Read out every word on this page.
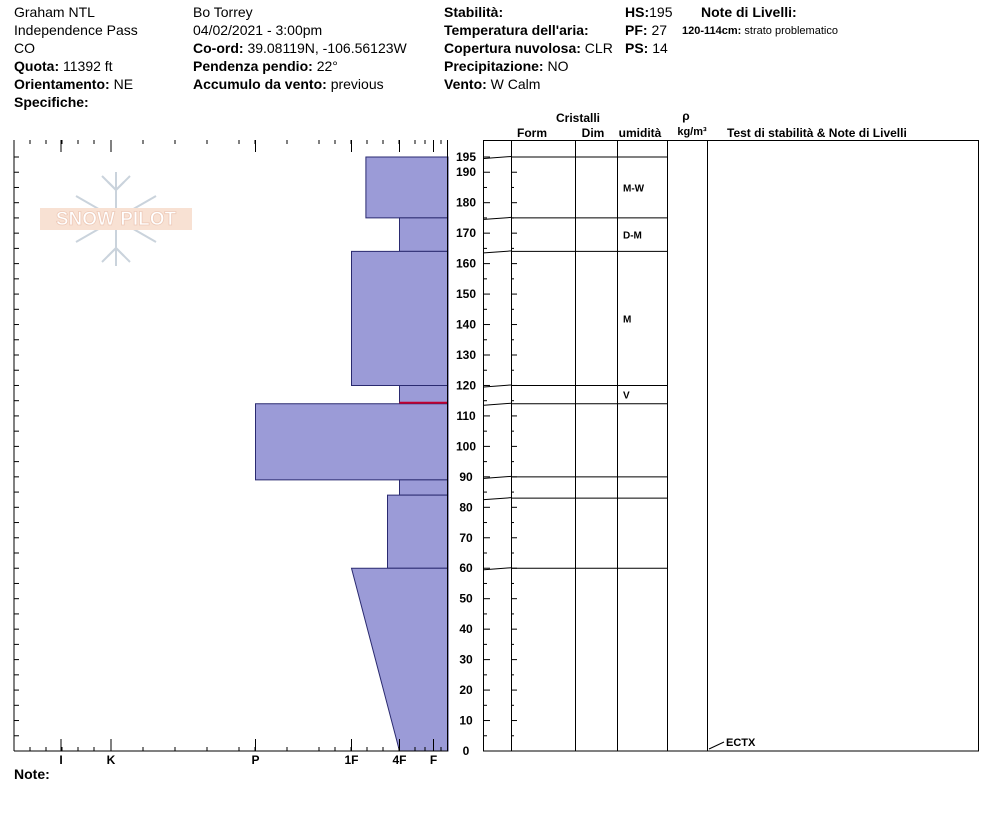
Graham NTL
Independence Pass
CO
Quota: 11392 ft
Orientamento: NE
Specifiche:
Bo Torrey
04/02/2021 - 3:00pm
Co-ord: 39.08119N, -106.56123W
Pendenza pendio: 22°
Accumulo da vento: previous
Stabilità:
Temperatura dell'aria:
Copertura nuvolosa: CLR
Precipitazione: NO
Vento: W Calm
HS:195
PF: 27
PS: 14
Note di Livelli:
120-114cm: strato problematico
Note:
SNOW PILOT
I	K	P	1F	4F F
0
10
20
30
40
50
60
70
80
90
100
110
120
130
140
150
160
170
180
190
195
Cristalli
Form	Dim umidità
ρ
kg/m³ Test di stabilità & Note di Livelli
M-W
D-M
M
V
ECTX
